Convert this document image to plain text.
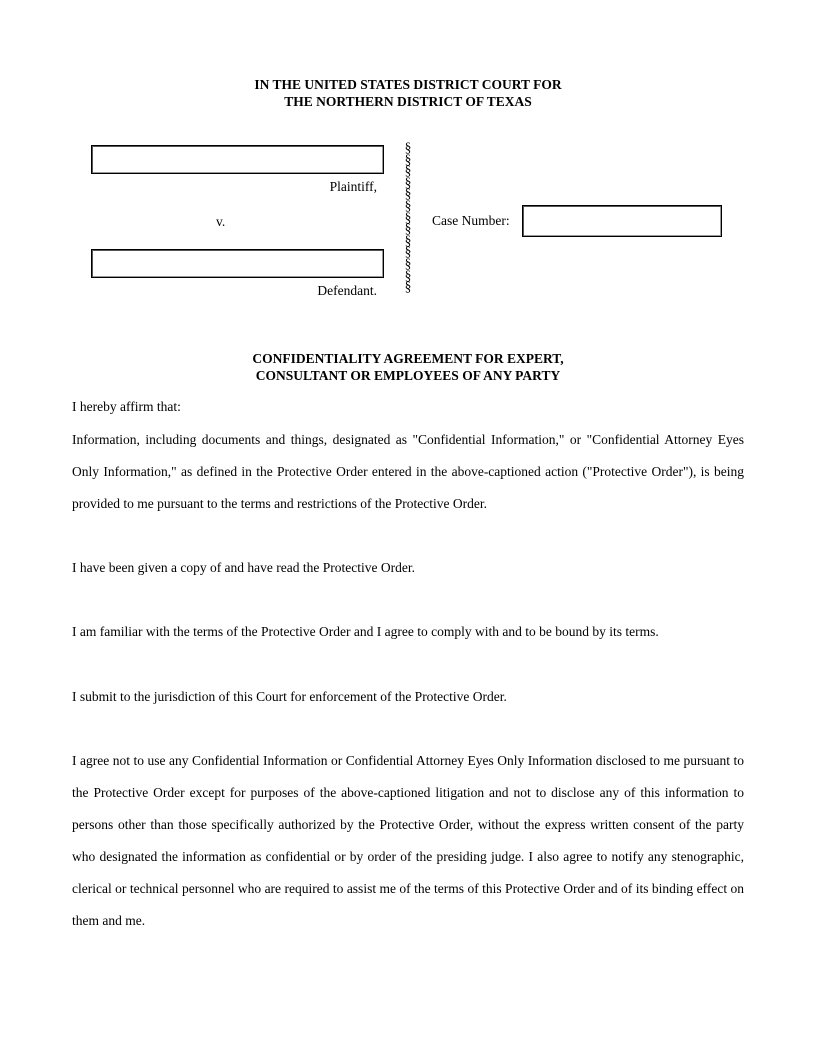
IN THE UNITED STATES DISTRICT COURT FOR
THE NORTHERN DISTRICT OF TEXAS
Plaintiff,
v.
Defendant.
§
§
§
§
§
§
§
§
§
§
§
§
§
Case Number:
CONFIDENTIALITY AGREEMENT FOR EXPERT,
CONSULTANT OR EMPLOYEES OF ANY PARTY
I hereby affirm that:
Information, including documents and things, designated as "Confidential Information," or "Confidential Attorney Eyes Only Information," as defined in the Protective Order entered in the above-captioned action ("Protective Order"), is being provided to me pursuant to the terms and restrictions of the Protective Order.
I have been given a copy of and have read the Protective Order.
I am familiar with the terms of the Protective Order and I agree to comply with and to be bound by its terms.
I submit to the jurisdiction of this Court for enforcement of the Protective Order.
I agree not to use any Confidential Information or Confidential Attorney Eyes Only Information disclosed to me pursuant to the Protective Order except for purposes of the above-captioned litigation and not to disclose any of this information to persons other than those specifically authorized by the Protective Order, without the express written consent of the party who designated the information as confidential or by order of the presiding judge. I also agree to notify any stenographic, clerical or technical personnel who are required to assist me of the terms of this Protective Order and of its binding effect on them and me.
